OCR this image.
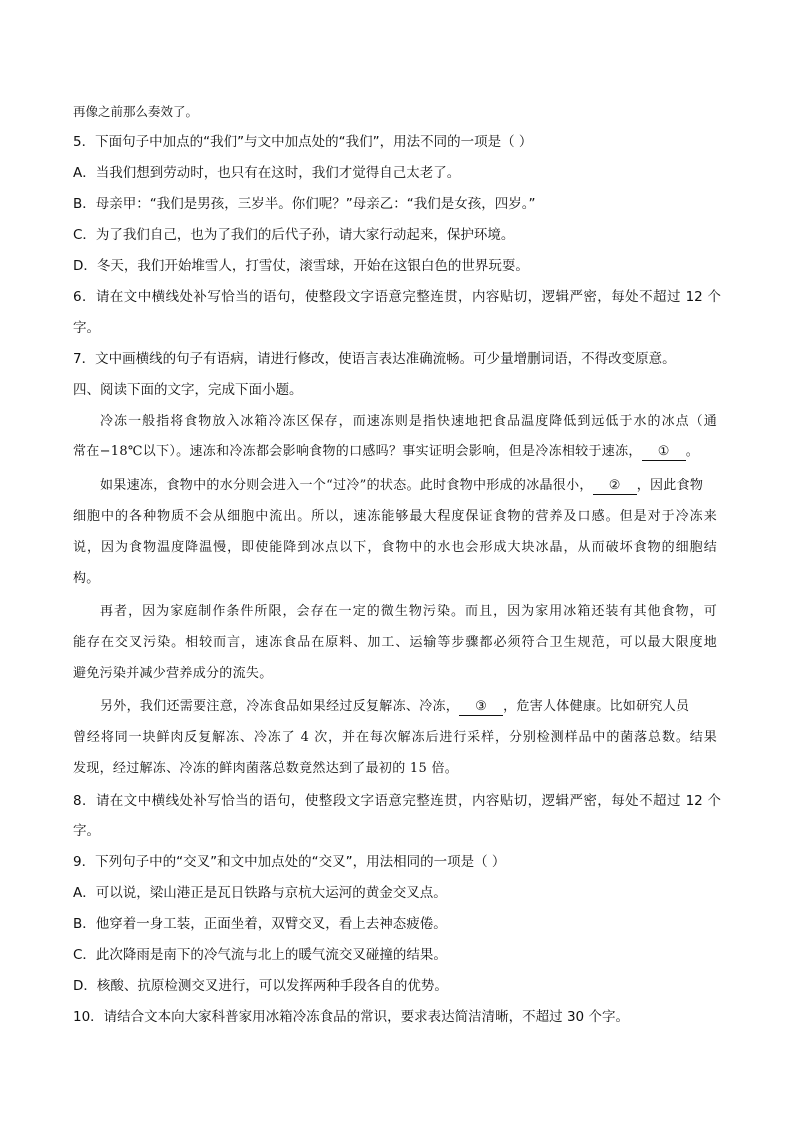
再像之前那么奏效了。
5．下面句子中加点的“我们”与文中加点处的“我们”，用法不同的一项是（ ）
A．当我们想到劳动时，也只有在这时，我们才觉得自己太老了。
B．母亲甲：“我们是男孩，三岁半。你们呢？”母亲乙：“我们是女孩，四岁。”
C．为了我们自己，也为了我们的后代子孙，请大家行动起来，保护环境。
D．冬天，我们开始堆雪人，打雪仗，滚雪球，开始在这银白色的世界玩耍。
6．请在文中横线处补写恰当的语句，使整段文字语意完整连贯，内容贴切，逻辑严密，每处不超过 12 个
字。
7．文中画横线的句子有语病，请进行修改，使语言表达准确流畅。可少量增删词语，不得改变原意。
四、阅读下面的文字，完成下面小题。
冷冻一般指将食物放入冰箱冷冻区保存，而速冻则是指快速地把食品温度降低到远低于水的冰点（通
常在−18℃以下）。速冻和冷冻都会影响食物的口感吗？事实证明会影响，但是冷冻相较于速冻， ① 。
如果速冻，食物中的水分则会进入一个“过冷”的状态。此时食物中形成的冰晶很小， ② ，因此食物
细胞中的各种物质不会从细胞中流出。所以，速冻能够最大程度保证食物的营养及口感。但是对于冷冻来
说，因为食物温度降温慢，即使能降到冰点以下，食物中的水也会形成大块冰晶，从而破坏食物的细胞结
构。
再者，因为家庭制作条件所限，会存在一定的微生物污染。而且，因为家用冰箱还装有其他食物，可
能存在交叉污染。相较而言，速冻食品在原料、加工、运输等步骤都必须符合卫生规范，可以最大限度地
避免污染并减少营养成分的流失。
另外，我们还需要注意，冷冻食品如果经过反复解冻、冷冻， ③ ，危害人体健康。比如研究人员
曾经将同一块鲜肉反复解冻、冷冻了 4 次，并在每次解冻后进行采样，分别检测样品中的菌落总数。结果
发现，经过解冻、冷冻的鲜肉菌落总数竟然达到了最初的 15 倍。
8．请在文中横线处补写恰当的语句，使整段文字语意完整连贯，内容贴切，逻辑严密，每处不超过 12 个
字。
9．下列句子中的“交叉”和文中加点处的“交叉”，用法相同的一项是（ ）
A．可以说，梁山港正是瓦日铁路与京杭大运河的黄金交叉点。
B．他穿着一身工装，正面坐着，双臂交叉，看上去神态疲倦。
C．此次降雨是南下的冷气流与北上的暖气流交叉碰撞的结果。
D．核酸、抗原检测交叉进行，可以发挥两种手段各自的优势。
10．请结合文本向大家科普家用冰箱冷冻食品的常识，要求表达简洁清晰，不超过 30 个字。
